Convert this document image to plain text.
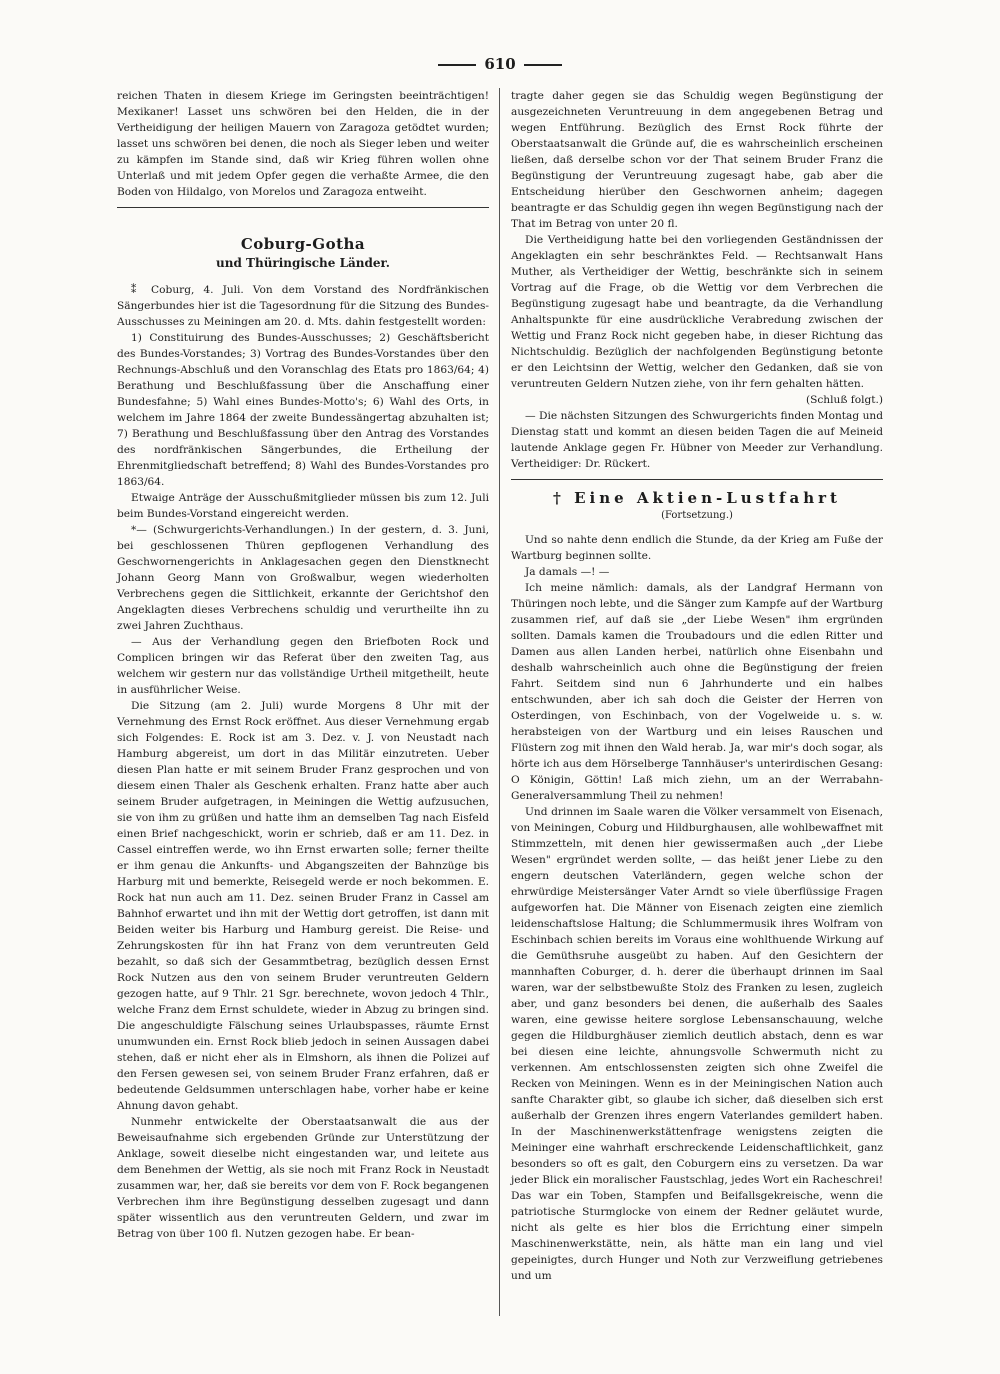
610

reichen Thaten in diesem Kriege im Geringsten beeinträchtigen! Mexikaner! Lasset uns schwören bei den Helden, die in der Vertheidigung der heiligen Mauern von Zaragoza getödtet wurden; lasset uns schwören bei denen, die noch als Sieger leben und weiter zu kämpfen im Stande sind, daß wir Krieg führen wollen ohne Unterlaß und mit jedem Opfer gegen die verhaßte Armee, die den Boden von Hildalgo, von Morelos und Zaragoza entweiht.

Coburg-Gotha
und Thüringische Länder.

⁑ Coburg, 4. Juli. Von dem Vorstand des Nordfränkischen Sängerbundes hier ist die Tagesordnung für die Sitzung des Bundes-Ausschusses zu Meiningen am 20. d. Mts. dahin festgestellt worden:

1) Constituirung des Bundes-Ausschusses; 2) Geschäftsbericht des Bundes-Vorstandes; 3) Vortrag des Bundes-Vorstandes über den Rechnungs-Abschluß und den Voranschlag des Etats pro 1863/64; 4) Berathung und Beschlußfassung über die Anschaffung einer Bundesfahne; 5) Wahl eines Bundes-Motto's; 6) Wahl des Orts, in welchem im Jahre 1864 der zweite Bundessängertag abzuhalten ist; 7) Berathung und Beschlußfassung über den Antrag des Vorstandes des nordfränkischen Sängerbundes, die Ertheilung der Ehrenmitgliedschaft betreffend; 8) Wahl des Bundes-Vorstandes pro 1863/64.

Etwaige Anträge der Ausschußmitglieder müssen bis zum 12. Juli beim Bundes-Vorstand eingereicht werden.

*— (Schwurgerichts-Verhandlungen.) In der gestern, d. 3. Juni, bei geschlossenen Thüren gepflogenen Verhandlung des Geschwornengerichts in Anklagesachen gegen den Dienstknecht Johann Georg Mann von Großwalbur, wegen wiederholten Verbrechens gegen die Sittlichkeit, erkannte der Gerichtshof den Angeklagten dieses Verbrechens schuldig und verurtheilte ihn zu zwei Jahren Zuchthaus.

— Aus der Verhandlung gegen den Briefboten Rock und Complicen bringen wir das Referat über den zweiten Tag, aus welchem wir gestern nur das vollständige Urtheil mitgetheilt, heute in ausführlicher Weise.

Die Sitzung (am 2. Juli) wurde Morgens 8 Uhr mit der Vernehmung des Ernst Rock eröffnet. Aus dieser Vernehmung ergab sich Folgendes: E. Rock ist am 3. Dez. v. J. von Neustadt nach Hamburg abgereist, um dort in das Militär einzutreten. Ueber diesen Plan hatte er mit seinem Bruder Franz gesprochen und von diesem einen Thaler als Geschenk erhalten. Franz hatte aber auch seinem Bruder aufgetragen, in Meiningen die Wettig aufzusuchen, sie von ihm zu grüßen und hatte ihm an demselben Tag nach Eisfeld einen Brief nachgeschickt, worin er schrieb, daß er am 11. Dez. in Cassel eintreffen werde, wo ihn Ernst erwarten solle; ferner theilte er ihm genau die Ankunfts- und Abgangszeiten der Bahnzüge bis Harburg mit und bemerkte, Reisegeld werde er noch bekommen. E. Rock hat nun auch am 11. Dez. seinen Bruder Franz in Cassel am Bahnhof erwartet und ihn mit der Wettig dort getroffen, ist dann mit Beiden weiter bis Harburg und Hamburg gereist. Die Reise- und Zehrungskosten für ihn hat Franz von dem veruntreuten Geld bezahlt, so daß sich der Gesammtbetrag, bezüglich dessen Ernst Rock Nutzen aus den von seinem Bruder veruntreuten Geldern gezogen hatte, auf 9 Thlr. 21 Sgr. berechnete, wovon jedoch 4 Thlr., welche Franz dem Ernst schuldete, wieder in Abzug zu bringen sind. Die angeschuldigte Fälschung seines Urlaubspasses, räumte Ernst unumwunden ein. Ernst Rock blieb jedoch in seinen Aussagen dabei stehen, daß er nicht eher als in Elmshorn, als ihnen die Polizei auf den Fersen gewesen sei, von seinem Bruder Franz erfahren, daß er bedeutende Geldsummen unterschlagen habe, vorher habe er keine Ahnung davon gehabt.

Nunmehr entwickelte der Oberstaatsanwalt die aus der Beweisaufnahme sich ergebenden Gründe zur Unterstützung der Anklage, soweit dieselbe nicht eingestanden war, und leitete aus dem Benehmen der Wettig, als sie noch mit Franz Rock in Neustadt zusammen war, her, daß sie bereits vor dem von F. Rock begangenen Verbrechen ihm ihre Begünstigung desselben zugesagt und dann später wissentlich aus den veruntreuten Geldern, und zwar im Betrag von über 100 fl. Nutzen gezogen habe. Er bean-

tragte daher gegen sie das Schuldig wegen Begünstigung der ausgezeichneten Veruntreuung in dem angegebenen Betrag und wegen Entführung. Bezüglich des Ernst Rock führte der Oberstaatsanwalt die Gründe auf, die es wahrscheinlich erscheinen ließen, daß derselbe schon vor der That seinem Bruder Franz die Begünstigung der Veruntreuung zugesagt habe, gab aber die Entscheidung hierüber den Geschwornen anheim; dagegen beantragte er das Schuldig gegen ihn wegen Begünstigung nach der That im Betrag von unter 20 fl.

Die Vertheidigung hatte bei den vorliegenden Geständnissen der Angeklagten ein sehr beschränktes Feld. — Rechtsanwalt Hans Muther, als Vertheidiger der Wettig, beschränkte sich in seinem Vortrag auf die Frage, ob die Wettig vor dem Verbrechen die Begünstigung zugesagt habe und beantragte, da die Verhandlung Anhaltspunkte für eine ausdrückliche Verabredung zwischen der Wettig und Franz Rock nicht gegeben habe, in dieser Richtung das Nichtschuldig. Bezüglich der nachfolgenden Begünstigung betonte er den Leichtsinn der Wettig, welcher den Gedanken, daß sie von veruntreuten Geldern Nutzen ziehe, von ihr fern gehalten hätten.

(Schluß folgt.)

— Die nächsten Sitzungen des Schwurgerichts finden Montag und Dienstag statt und kommt an diesen beiden Tagen die auf Meineid lautende Anklage gegen Fr. Hübner von Meeder zur Verhandlung. Vertheidiger: Dr. Rückert.

† Eine Aktien-Lustfahrt
(Fortsetzung.)

Und so nahte denn endlich die Stunde, da der Krieg am Fuße der Wartburg beginnen sollte.

Ja damals —! —

Ich meine nämlich: damals, als der Landgraf Hermann von Thüringen noch lebte, und die Sänger zum Kampfe auf der Wartburg zusammen rief, auf daß sie „der Liebe Wesen" ihm ergründen sollten. Damals kamen die Troubadours und die edlen Ritter und Damen aus allen Landen herbei, natürlich ohne Eisenbahn und deshalb wahrscheinlich auch ohne die Begünstigung der freien Fahrt. Seitdem sind nun 6 Jahrhunderte und ein halbes entschwunden, aber ich sah doch die Geister der Herren von Osterdingen, von Eschinbach, von der Vogelweide u. s. w. herabsteigen von der Wartburg und ein leises Rauschen und Flüstern zog mit ihnen den Wald herab. Ja, war mir's doch sogar, als hörte ich aus dem Hörselberge Tannhäuser's unterirdischen Gesang: O Königin, Göttin! Laß mich ziehn, um an der Werrabahn-Generalversammlung Theil zu nehmen!

Und drinnen im Saale waren die Völker versammelt von Eisenach, von Meiningen, Coburg und Hildburghausen, alle wohlbewaffnet mit Stimmzetteln, mit denen hier gewissermaßen auch „der Liebe Wesen" ergründet werden sollte, — das heißt jener Liebe zu den engern deutschen Vaterländern, gegen welche schon der ehrwürdige Meistersänger Vater Arndt so viele überflüssige Fragen aufgeworfen hat. Die Männer von Eisenach zeigten eine ziemlich leidenschaftslose Haltung; die Schlummermusik ihres Wolfram von Eschinbach schien bereits im Voraus eine wohlthuende Wirkung auf die Gemüthsruhe ausgeübt zu haben. Auf den Gesichtern der mannhaften Coburger, d. h. derer die überhaupt drinnen im Saal waren, war der selbstbewußte Stolz des Franken zu lesen, zugleich aber, und ganz besonders bei denen, die außerhalb des Saales waren, eine gewisse heitere sorglose Lebensanschauung, welche gegen die Hildburghäuser ziemlich deutlich abstach, denn es war bei diesen eine leichte, ahnungsvolle Schwermuth nicht zu verkennen. Am entschlossensten zeigten sich ohne Zweifel die Recken von Meiningen. Wenn es in der Meiningischen Nation auch sanfte Charakter gibt, so glaube ich sicher, daß dieselben sich erst außerhalb der Grenzen ihres engern Vaterlandes gemildert haben. In der Maschinenwerkstättenfrage wenigstens zeigten die Meininger eine wahrhaft erschreckende Leidenschaftlichkeit, ganz besonders so oft es galt, den Coburgern eins zu versetzen. Da war jeder Blick ein moralischer Faustschlag, jedes Wort ein Racheschrei! Das war ein Toben, Stampfen und Beifallsgekreische, wenn die patriotische Sturmglocke von einem der Redner geläutet wurde, nicht als gelte es hier blos die Errichtung einer simpeln Maschinenwerkstätte, nein, als hätte man ein lang und viel gepeinigtes, durch Hunger und Noth zur Verzweiflung getriebenes und um
